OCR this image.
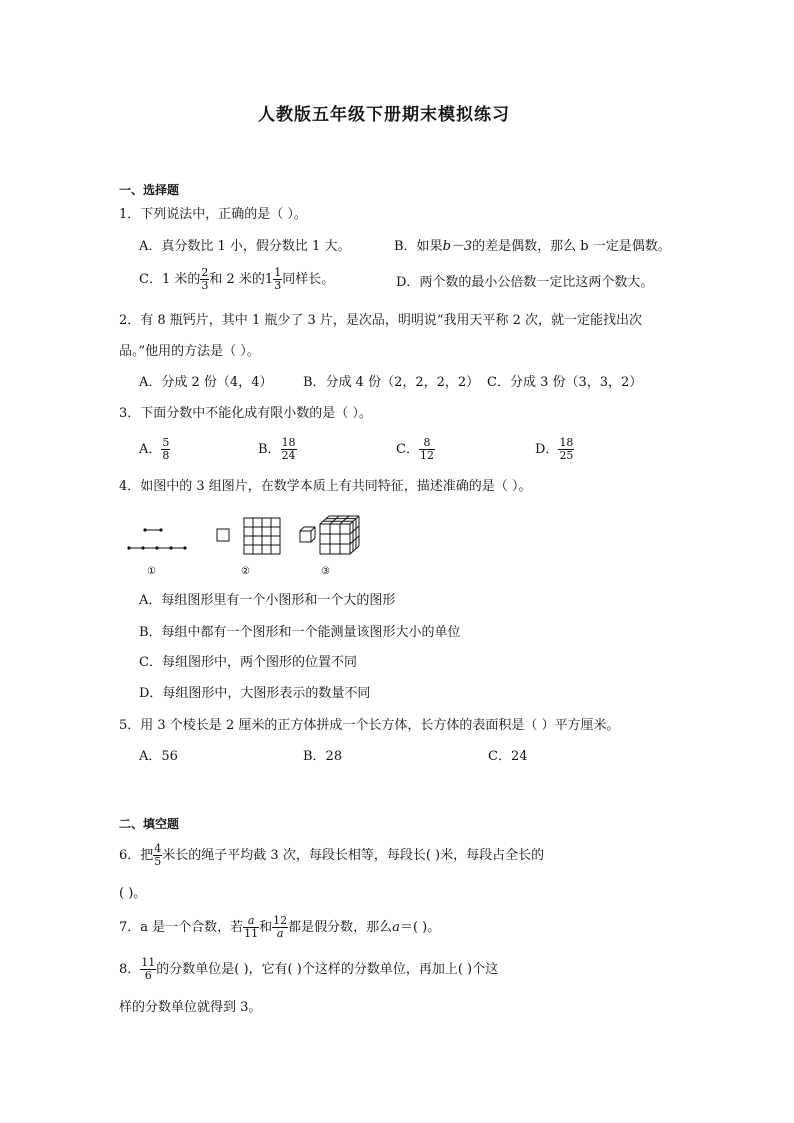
人教版五年级下册期末模拟练习
一、选择题
1．下列说法中，正确的是（ ）。
A．真分数比 1 小，假分数比 1 大。	B．如果b－3的差是偶数，那么 b 一定是偶数。
C．1 米的 $\frac{2}{3}$ 和 2 米的$1 \frac{1}{3}$ 同样长。	D．两个数的最小公倍数一定比这两个数大。
2．有 8 瓶钙片，其中 1 瓶少了 3 片，是次品，明明说“我用天平称 2 次，就一定能找出次
品。”他用的方法是（ ）。
A．分成 2 份（4，4） B．分成 4 份（2，2，2，2） C．分成 3 份（3，3，2）
3．下面分数中不能化成有限小数的是（ ）。
A． $\frac{5}{8}$	B． $\frac{18}{24}$	C． $\frac{8}{12}$	D． $\frac{18}{25}$
4．如图中的 3 组图片，在数学本质上有共同特征，描述准确的是（ ）。
①	②	③
A．每组图形里有一个小图形和一个大的图形
B．每组中都有一个图形和一个能测量该图形大小的单位
C．每组图形中，两个图形的位置不同
D．每组图形中，大图形表示的数量不同
5．用 3 个棱长是 2 厘米的正方体拼成一个长方体，长方体的表面积是（ ）平方厘米。
A．56	B．28	C．24
二、填空题
6．把 $\frac{4}{5}$ 米长的绳子平均截 3 次，每段长相等，每段长( )米，每段占全长的
( )。
7．a 是一个合数，若 $\frac{a}{11}$ 和 $\frac{12}{a}$ 都是假分数，那么a＝( )。
8． $\frac{11}{6}$ 的分数单位是( )，它有( )个这样的分数单位，再加上( )个这
样的分数单位就得到 3。
